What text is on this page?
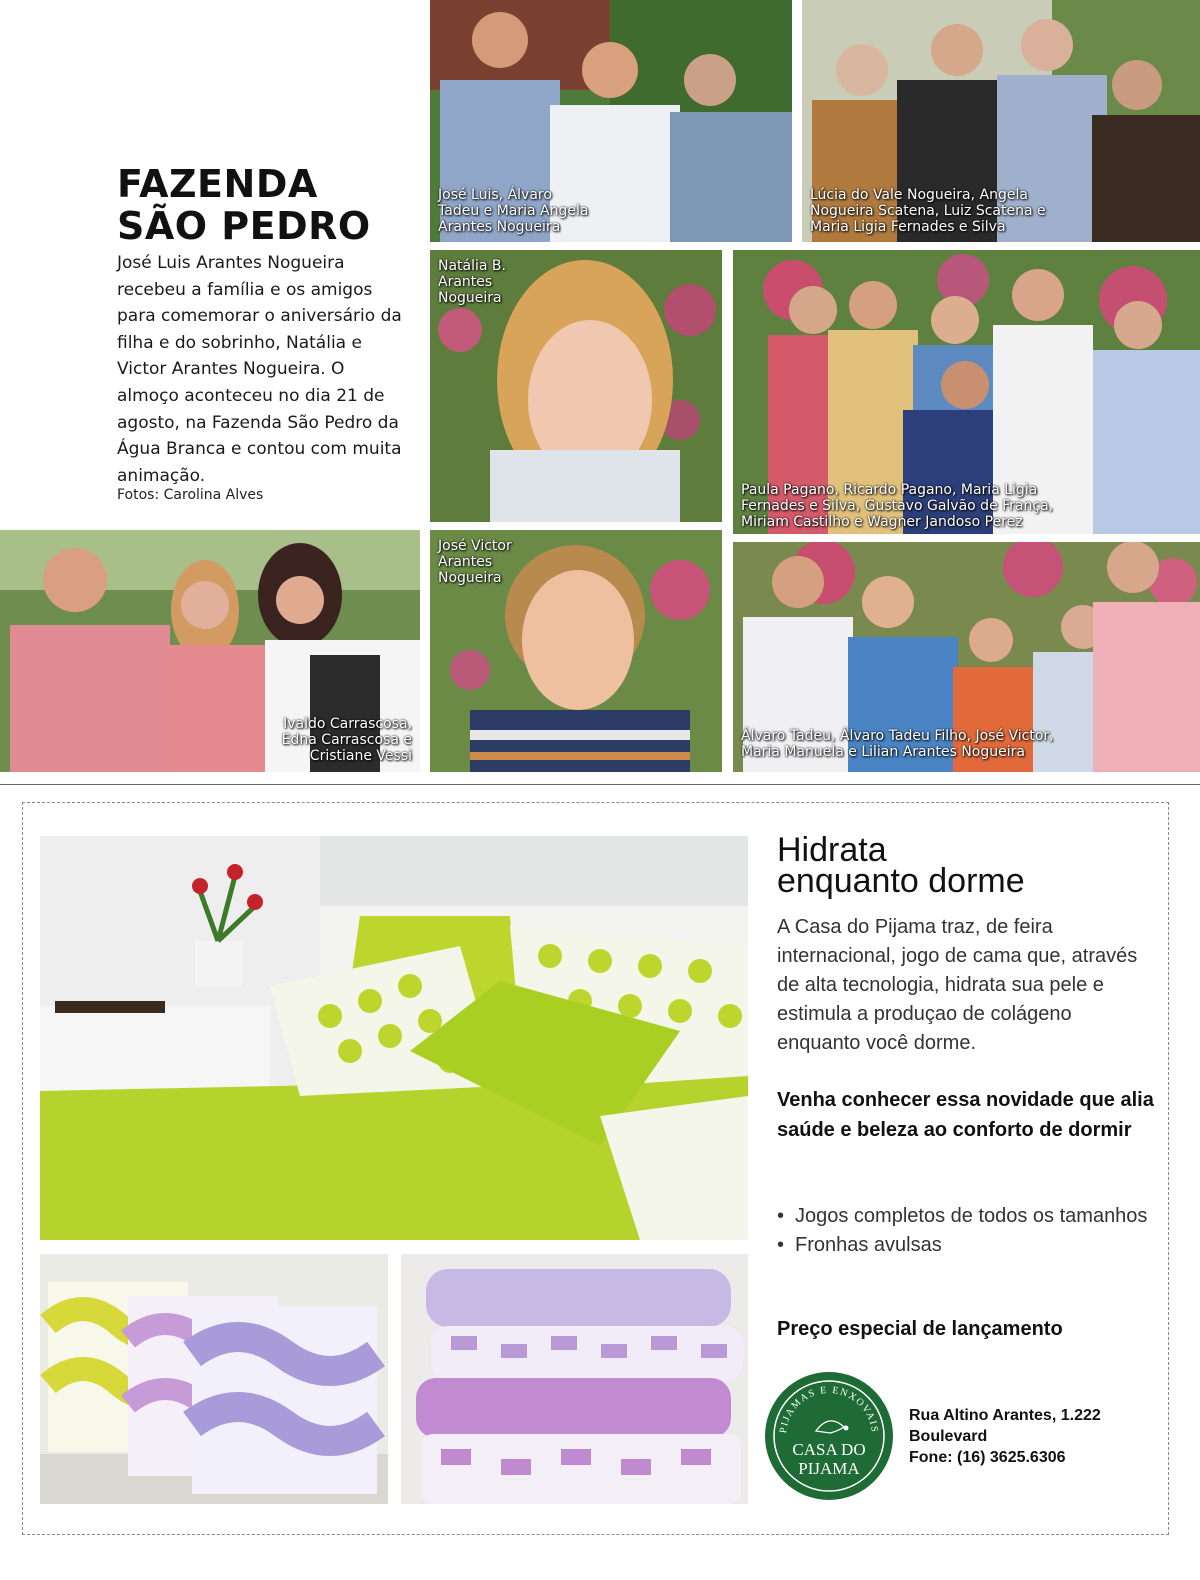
FAZENDA
SÃO PEDRO
José Luis Arantes Nogueira recebeu a família e os amigos para comemorar o aniversário da filha e do sobrinho, Natália e Victor Arantes Nogueira. O almoço aconteceu no dia 21 de agosto, na Fazenda São Pedro da Água Branca e contou com muita animação.
Fotos: Carolina Alves
José Luis, Álvaro
Tadeu e Maria Angela
Arantes Nogueira
Lúcia do Vale Nogueira, Angela
Nogueira Scatena, Luiz Scatena e
Maria Ligia Fernades e Silva
Natália B.
Arantes
Nogueira
Paula Pagano, Ricardo Pagano, Maria Ligia
Fernades e Silva, Gustavo Galvão de França,
Miriam Castilho e Wagner Jandoso Perez
Ivaldo Carrascosa,
Edna Carrascosa e
Cristiane Vessi
José Victor
Arantes
Nogueira
Álvaro Tadeu, Álvaro Tadeu Filho, José Victor,
Maria Manuela e Lilian Arantes Nogueira
Hidrata
enquanto dorme
A Casa do Pijama traz, de feira internacional, jogo de cama que, através de alta tecnologia, hidrata sua pele e estimula a produçao de colágeno enquanto você dorme.
Venha conhecer essa novidade que alia saúde e beleza ao conforto de dormir
• Jogos completos de todos os tamanhos
• Fronhas avulsas
Preço especial de lançamento
PIJAMAS E ENXOVAIS
CASA DO
PIJAMA
Rua Altino Arantes, 1.222
Boulevard
Fone: (16) 3625.6306
